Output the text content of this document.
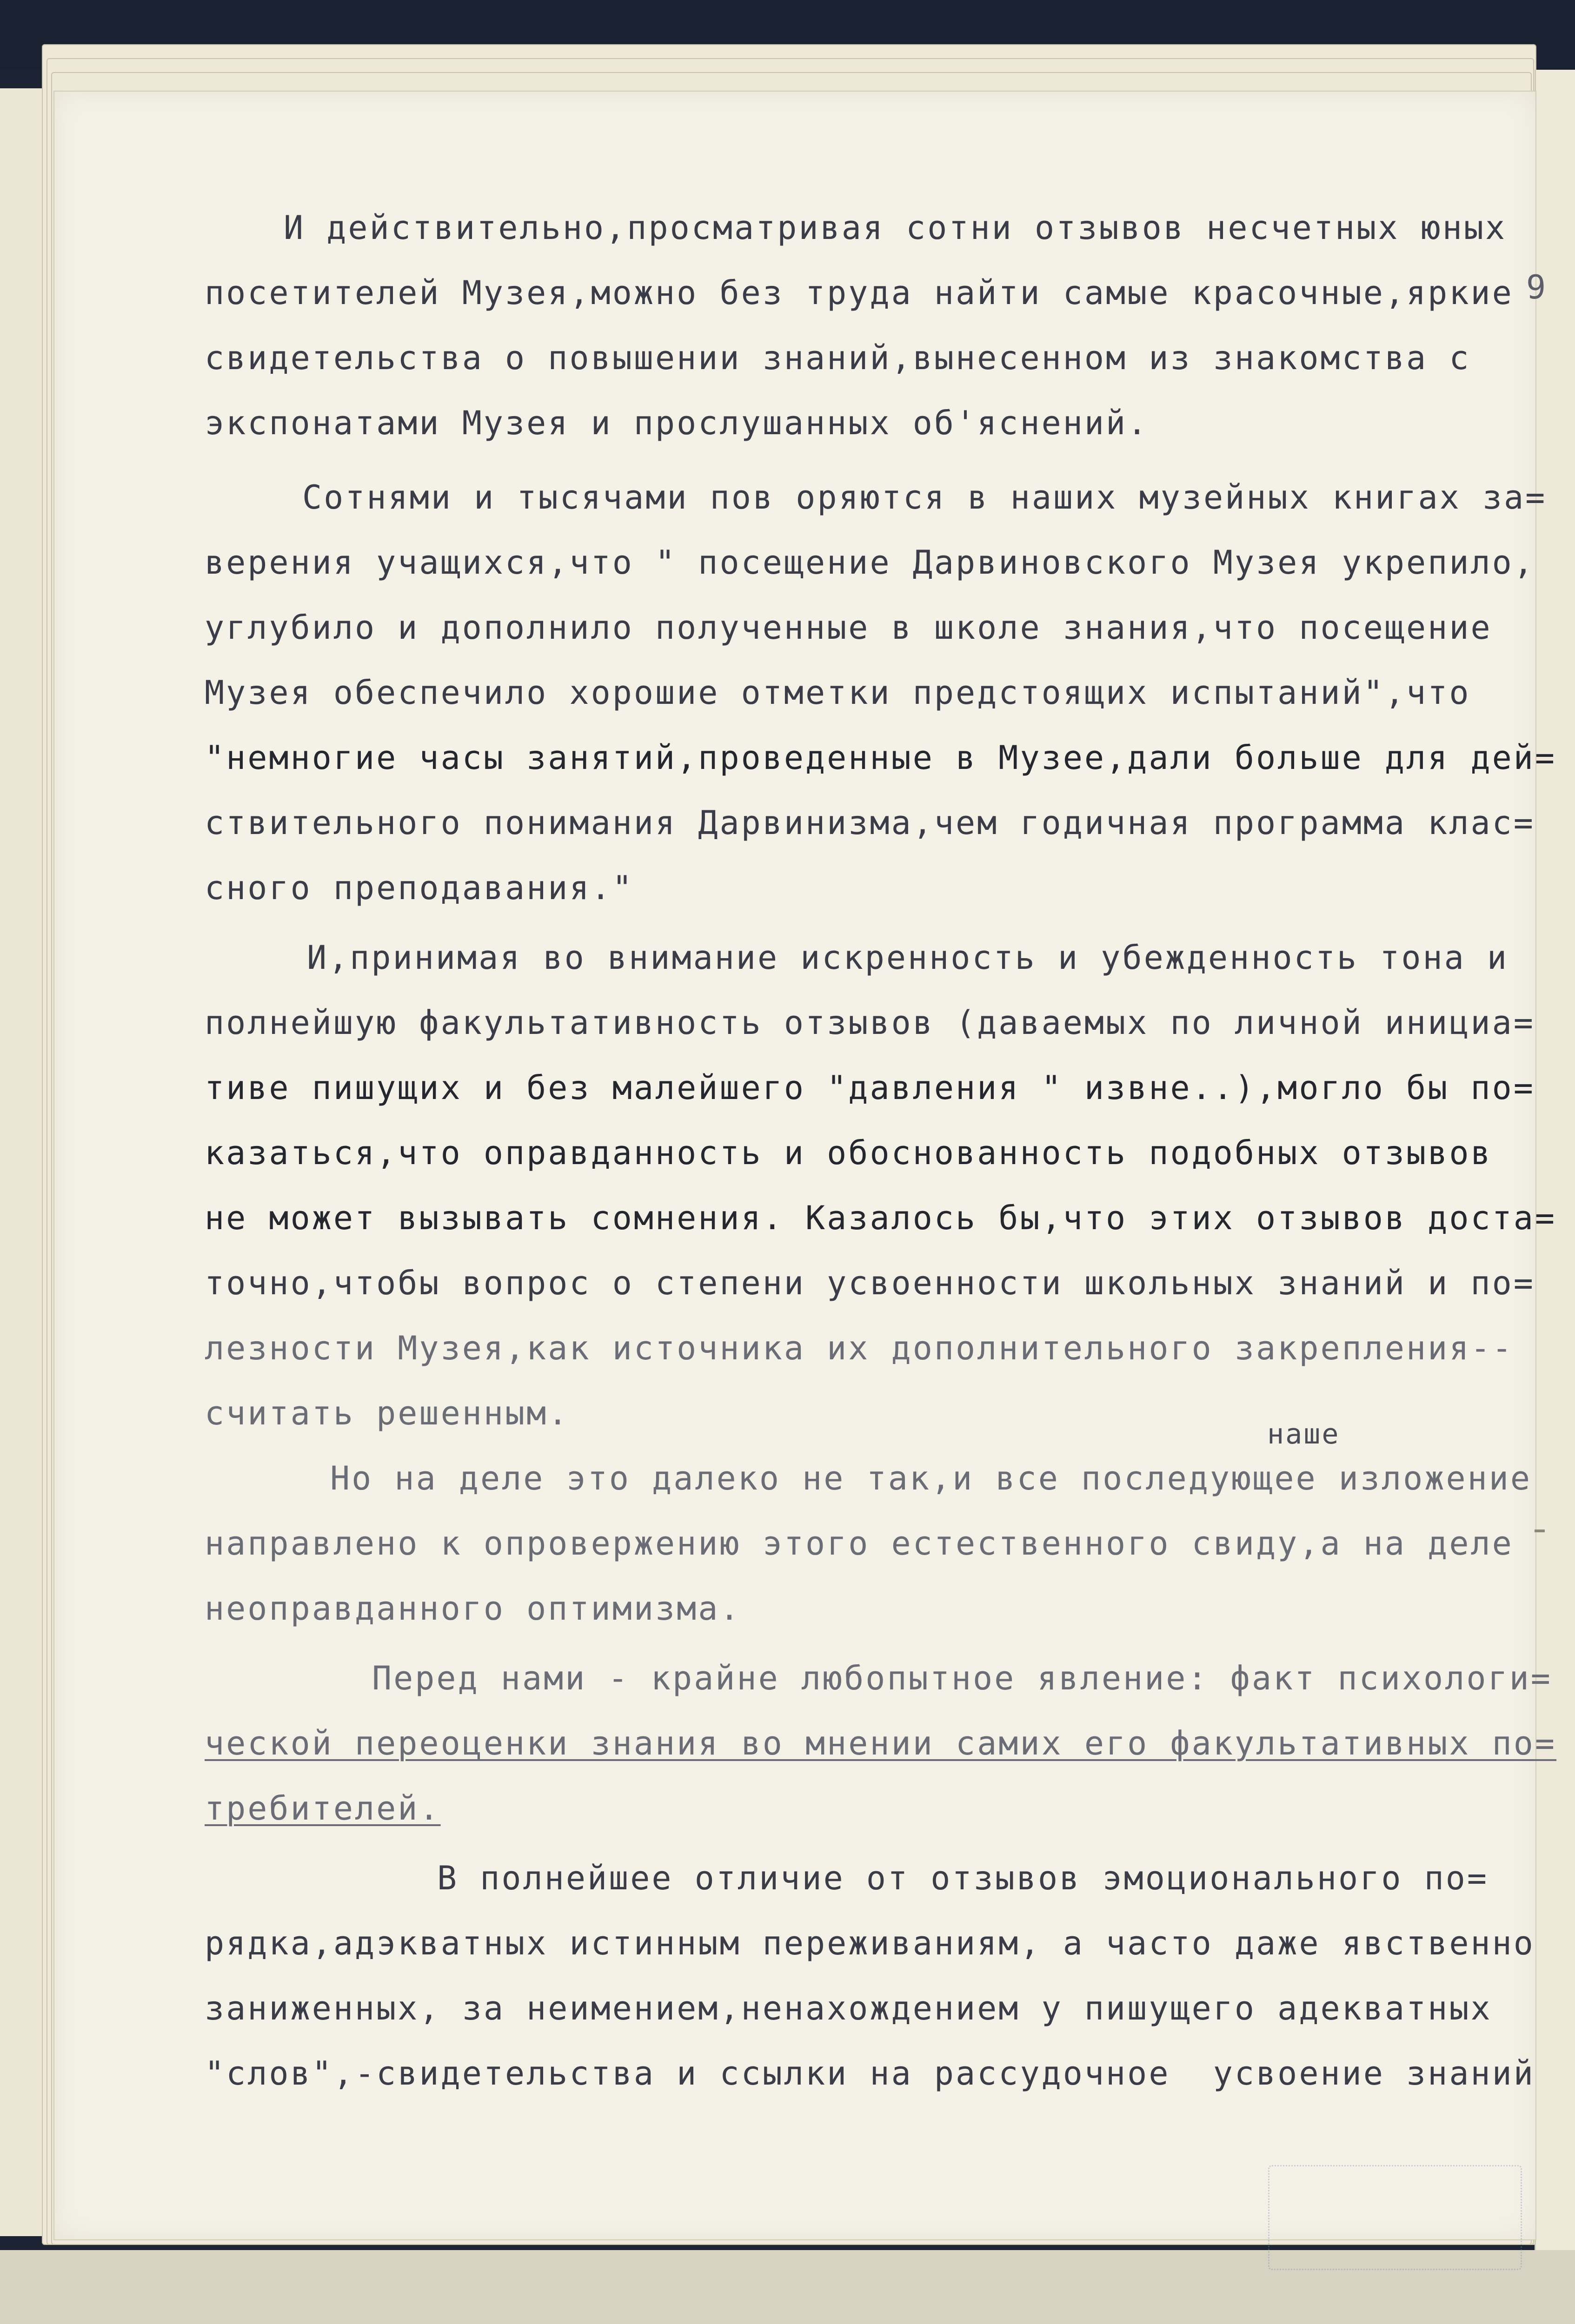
9
И действительно,просматривая сотни отзывов несчетных юных
посетителей Музея,можно без труда найти самые красочные,яркие
свидетельства о повышении знаний,вынесенном из знакомства с
экспонатами Музея и прослушанных об'яснений.
Сотнями и тысячами пов оряются в наших музейных книгах за=
верения учащихся,что " посещение Дарвиновского Музея укрепило,
углубило и дополнило полученные в школе знания,что посещение
Музея обеспечило хорошие отметки предстоящих испытаний",что
"немногие часы занятий,проведенные в Музее,дали больше для дей=
ствительного понимания Дарвинизма,чем годичная программа клас=
сного преподавания."
И,принимая во внимание искренность и убежденность тона и
полнейшую факультативность отзывов (даваемых по личной инициа=
тиве пишущих и без малейшего "давления " извне..),могло бы по=
казаться,что оправданность и обоснованность подобных отзывов
не может вызывать сомнения. Казалось бы,что этих отзывов доста=
точно,чтобы вопрос о степени усвоенности школьных знаний и по=
лезности Музея,как источника их дополнительного закрепления--
считать решенным.
Но на деле это далеко не так,и все последующее изложение
направлено к опровержению этого естественного свиду,а на деле
неоправданного оптимизма.
Перед нами - крайне любопытное явление: факт психологи=
ческой переоценки знания во мнении самих его факультативных по=
требителей.
В полнейшее отличие от отзывов эмоционального по=
рядка,адэкватных истинным переживаниям, а часто даже явственно
заниженных, за неимением,ненахождением у пишущего адекватных
"слов",-свидетельства и ссылки на рассудочное  усвоение знаний
наше
